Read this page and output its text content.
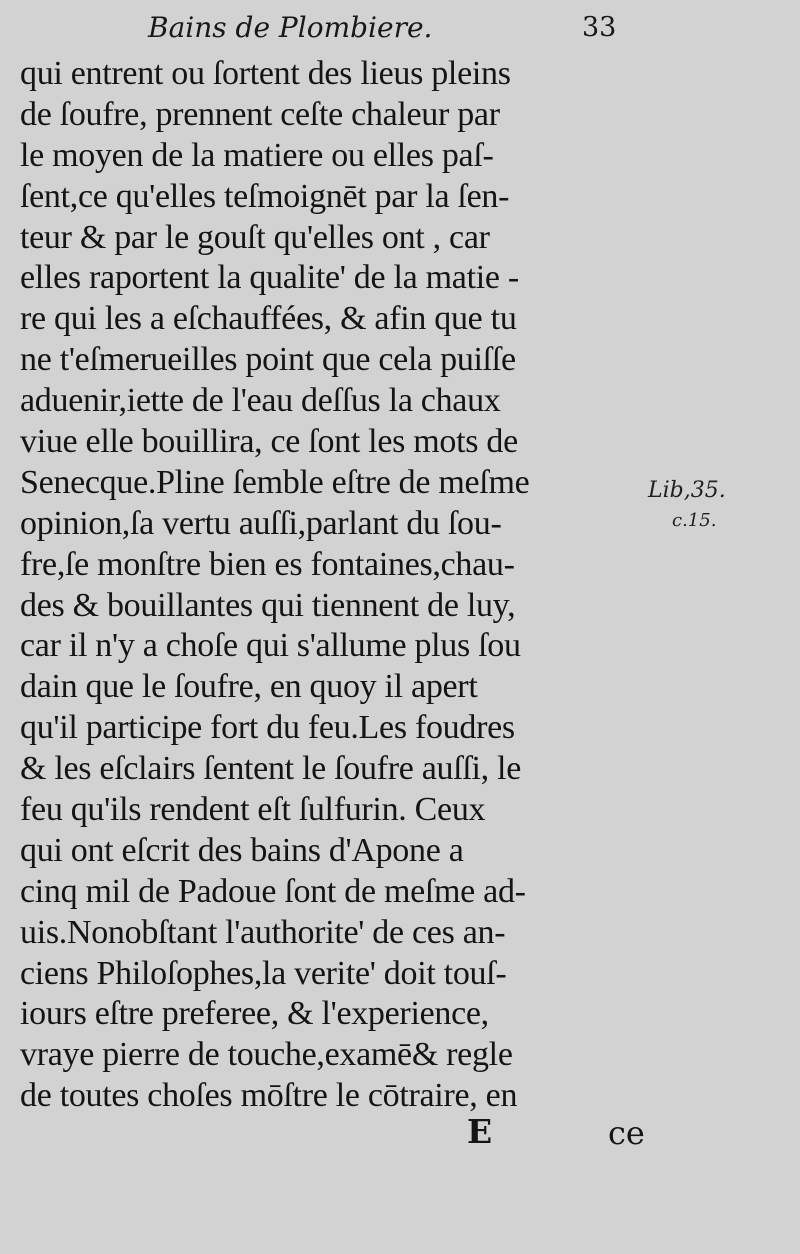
Bains de Plombiere.	33
qui entrent ou ſortent des lieus pleins
de ſoufre, prennent ceſte chaleur par
le moyen de la matiere ou elles paſ-
ſent,ce qu'elles teſmoignēt par la ſen-
teur & par le gouſt qu'elles ont , car
elles raportent la qualite' de la matie -
re qui les a eſchauffées, & afin que tu
ne t'eſmerueilles point que cela puiſſe
aduenir,iette de l'eau deſſus la chaux
viue elle bouillira, ce ſont les mots de
Senecque.Pline ſemble eſtre de meſme
opinion,ſa vertu auſſi,parlant du ſou-
fre,ſe monſtre bien es fontaines,chau-
des & bouillantes qui tiennent de luy,
car il n'y a choſe qui s'allume plus ſou
dain que le ſoufre, en quoy il apert
qu'il participe fort du feu.Les foudres
& les eſclairs ſentent le ſoufre auſſi, le
feu qu'ils rendent eſt ſulfurin. Ceux
qui ont eſcrit des bains d'Apone a
cinq mil de Padoue ſont de meſme ad-
uis.Nonobſtant l'authorite' de ces an-
ciens Philoſophes,la verite' doit touſ-
iours eſtre preferee, & l'experience,
vraye pierre de touche,examē& regle
de toutes choſes mōſtre le cōtraire, en
Lib,35.
c.15.
E	ce
